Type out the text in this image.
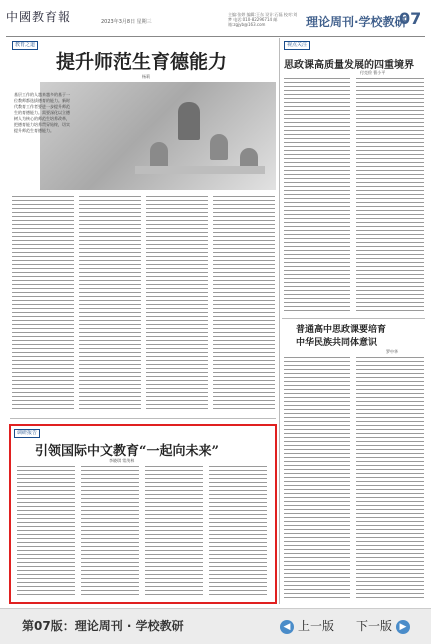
中國教育報	2023年3月8日 星期三
主编:张婷 编辑:王东 设计:石磊 校对:刘梦 电话:010-82296714 邮箱:zgjyb@163.com	理论周刊·学校教研
07
教育之道
提升师范生育德能力
杨莉
基层工作的人越来越多的基于一位教师都选拔德育的能力。新时代教育工作者要进一步提升师范生的育德能力。需要深化以立德树人为核心的师范生培养改革，把德育能力培养贯穿始终，切实提升师范生育德能力。
视点关注
思政课高质量发展的四重境界
付克俭 曹小平
普通高中思政课要培育
中华民族共同体意识
罗中华
调研报告
引领国际中文教育“一起向未来”
李晓琪 常茂林
第07版：理论周刊 · 学校教研	◀ 上一版 下一版 ▶
